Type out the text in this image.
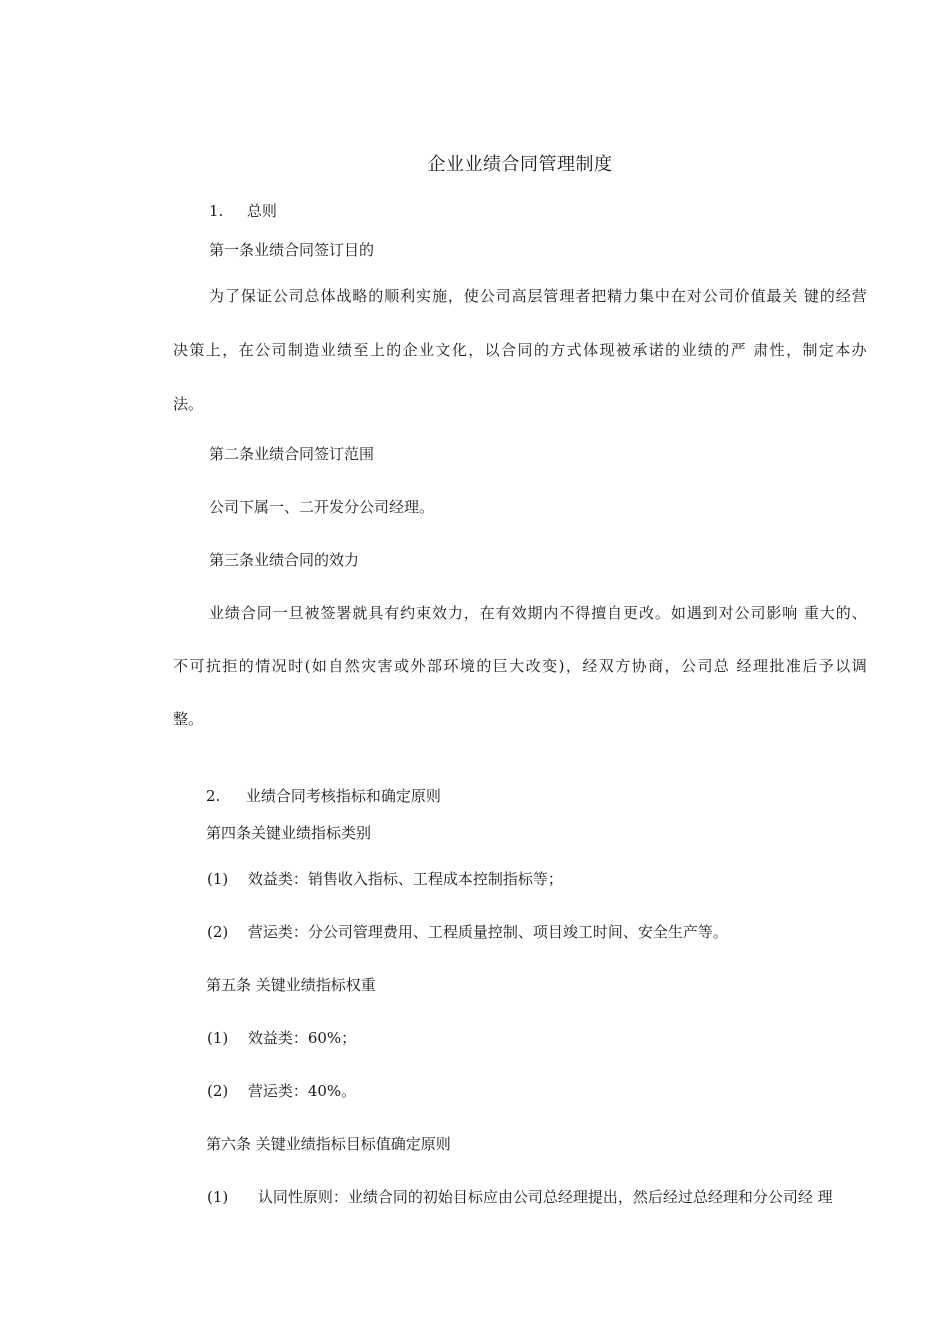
企业业绩合同管理制度
1. 总则
第一条业绩合同签订目的
为了保证公司总体战略的顺利实施，使公司高层管理者把精力集中在对公司价值最关 键的经营
决策上，在公司制造业绩至上的企业文化，以合同的方式体现被承诺的业绩的严 肃性，制定本办
法。
第二条业绩合同签订范围
公司下属一、二开发分公司经理。
第三条业绩合同的效力
业绩合同一旦被签署就具有约束效力，在有效期内不得擅自更改。如遇到对公司影响 重大的、
不可抗拒的情况时(如自然灾害或外部环境的巨大改变)，经双方协商，公司总 经理批准后予以调
整。
2. 业绩合同考核指标和确定原则
第四条关键业绩指标类别
(1) 效益类：销售收入指标、工程成本控制指标等；
(2) 营运类：分公司管理费用、工程质量控制、项目竣工时间、安全生产等。
第五条 关键业绩指标权重
(1) 效益类：60%；
(2) 营运类：40%。
第六条 关键业绩指标目标值确定原则
(1) 认同性原则：业绩合同的初始目标应由公司总经理提出，然后经过总经理和分公司经 理
